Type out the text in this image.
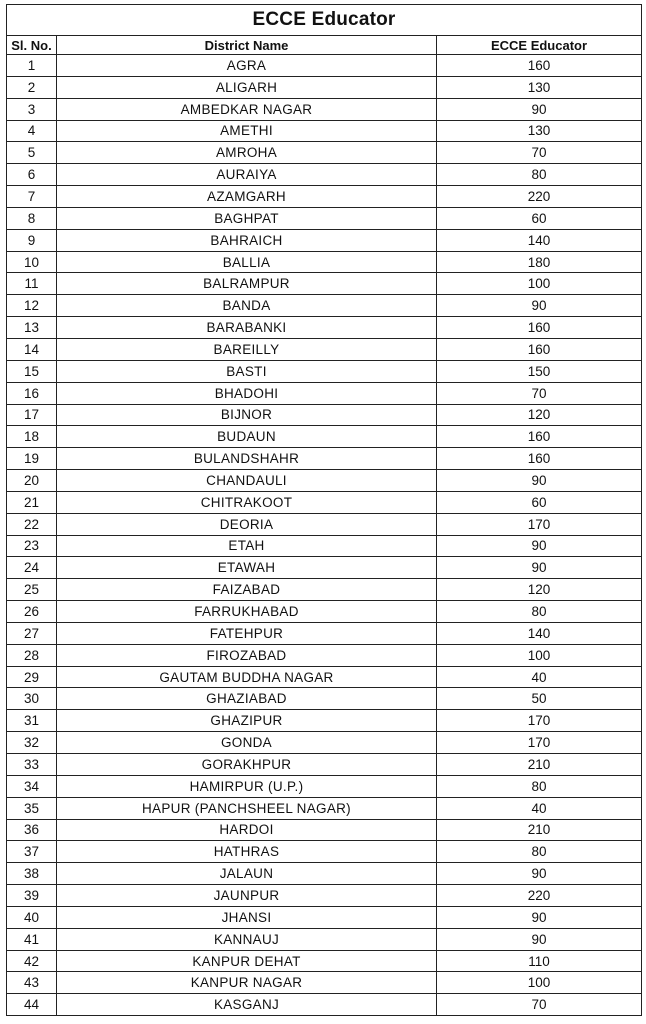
ECCE Educator		
Sl. No.	District Name	ECCE Educator
1	AGRA	160
2	ALIGARH	130
3	AMBEDKAR NAGAR	90
4	AMETHI	130
5	AMROHA	70
6	AURAIYA	80
7	AZAMGARH	220
8	BAGHPAT	60
9	BAHRAICH	140
10	BALLIA	180
11	BALRAMPUR	100
12	BANDA	90
13	BARABANKI	160
14	BAREILLY	160
15	BASTI	150
16	BHADOHI	70
17	BIJNOR	120
18	BUDAUN	160
19	BULANDSHAHR	160
20	CHANDAULI	90
21	CHITRAKOOT	60
22	DEORIA	170
23	ETAH	90
24	ETAWAH	90
25	FAIZABAD	120
26	FARRUKHABAD	80
27	FATEHPUR	140
28	FIROZABAD	100
29	GAUTAM BUDDHA NAGAR	40
30	GHAZIABAD	50
31	GHAZIPUR	170
32	GONDA	170
33	GORAKHPUR	210
34	HAMIRPUR (U.P.)	80
35	HAPUR (PANCHSHEEL NAGAR)	40
36	HARDOI	210
37	HATHRAS	80
38	JALAUN	90
39	JAUNPUR	220
40	JHANSI	90
41	KANNAUJ	90
42	KANPUR DEHAT	110
43	KANPUR NAGAR	100
44	KASGANJ	70
